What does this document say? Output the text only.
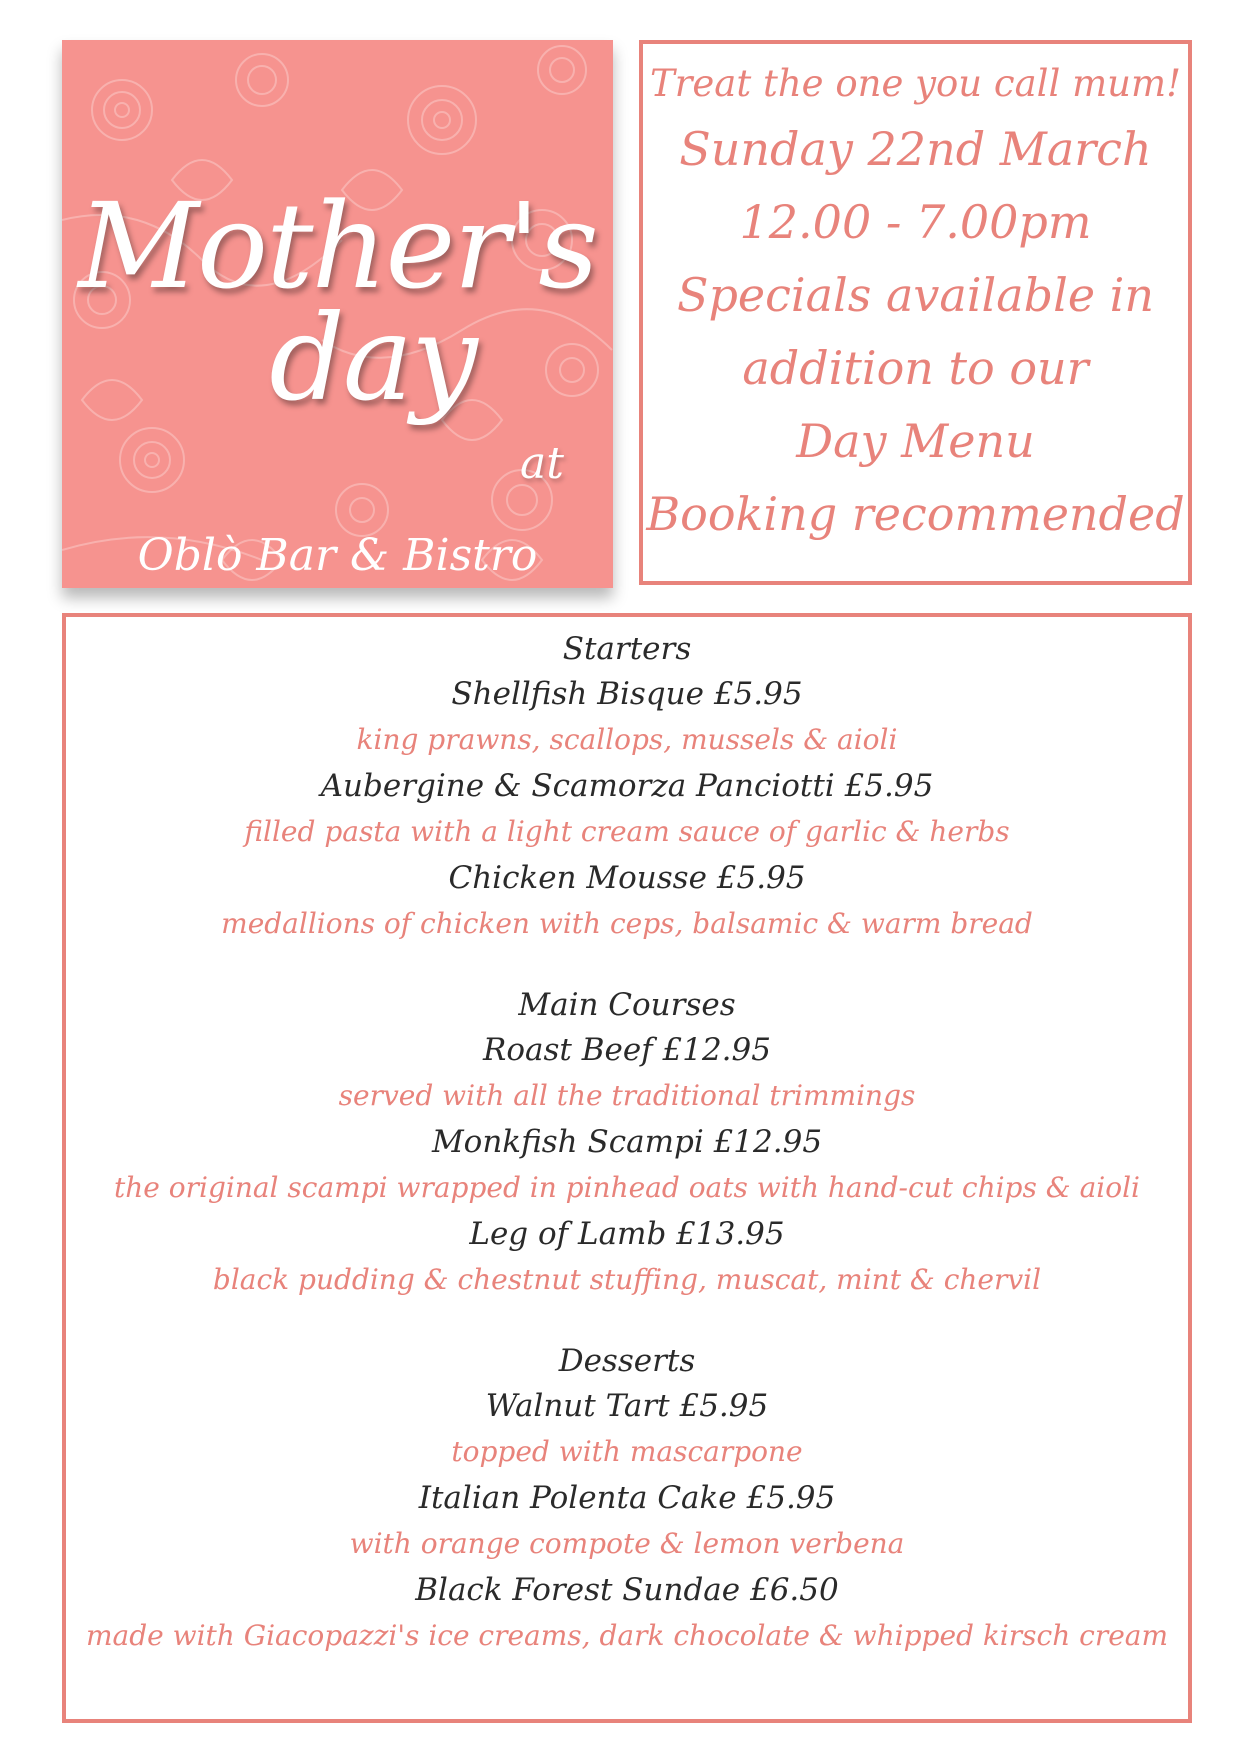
Mother's
day
at
Oblò Bar & Bistro
Treat the one you call mum!
Sunday 22nd March
12.00 - 7.00pm
Specials available in
addition to our
Day Menu
Booking recommended
Starters
Shellfish Bisque £5.95
king prawns, scallops, mussels & aioli
Aubergine & Scamorza Panciotti £5.95
filled pasta with a light cream sauce of garlic & herbs
Chicken Mousse £5.95
medallions of chicken with ceps, balsamic & warm bread
Main Courses
Roast Beef £12.95
served with all the traditional trimmings
Monkfish Scampi £12.95
the original scampi wrapped in pinhead oats with hand-cut chips & aioli
Leg of Lamb £13.95
black pudding & chestnut stuffing, muscat, mint & chervil
Desserts
Walnut Tart £5.95
topped with mascarpone
Italian Polenta Cake £5.95
with orange compote & lemon verbena
Black Forest Sundae £6.50
made with Giacopazzi's ice creams, dark chocolate & whipped kirsch cream
